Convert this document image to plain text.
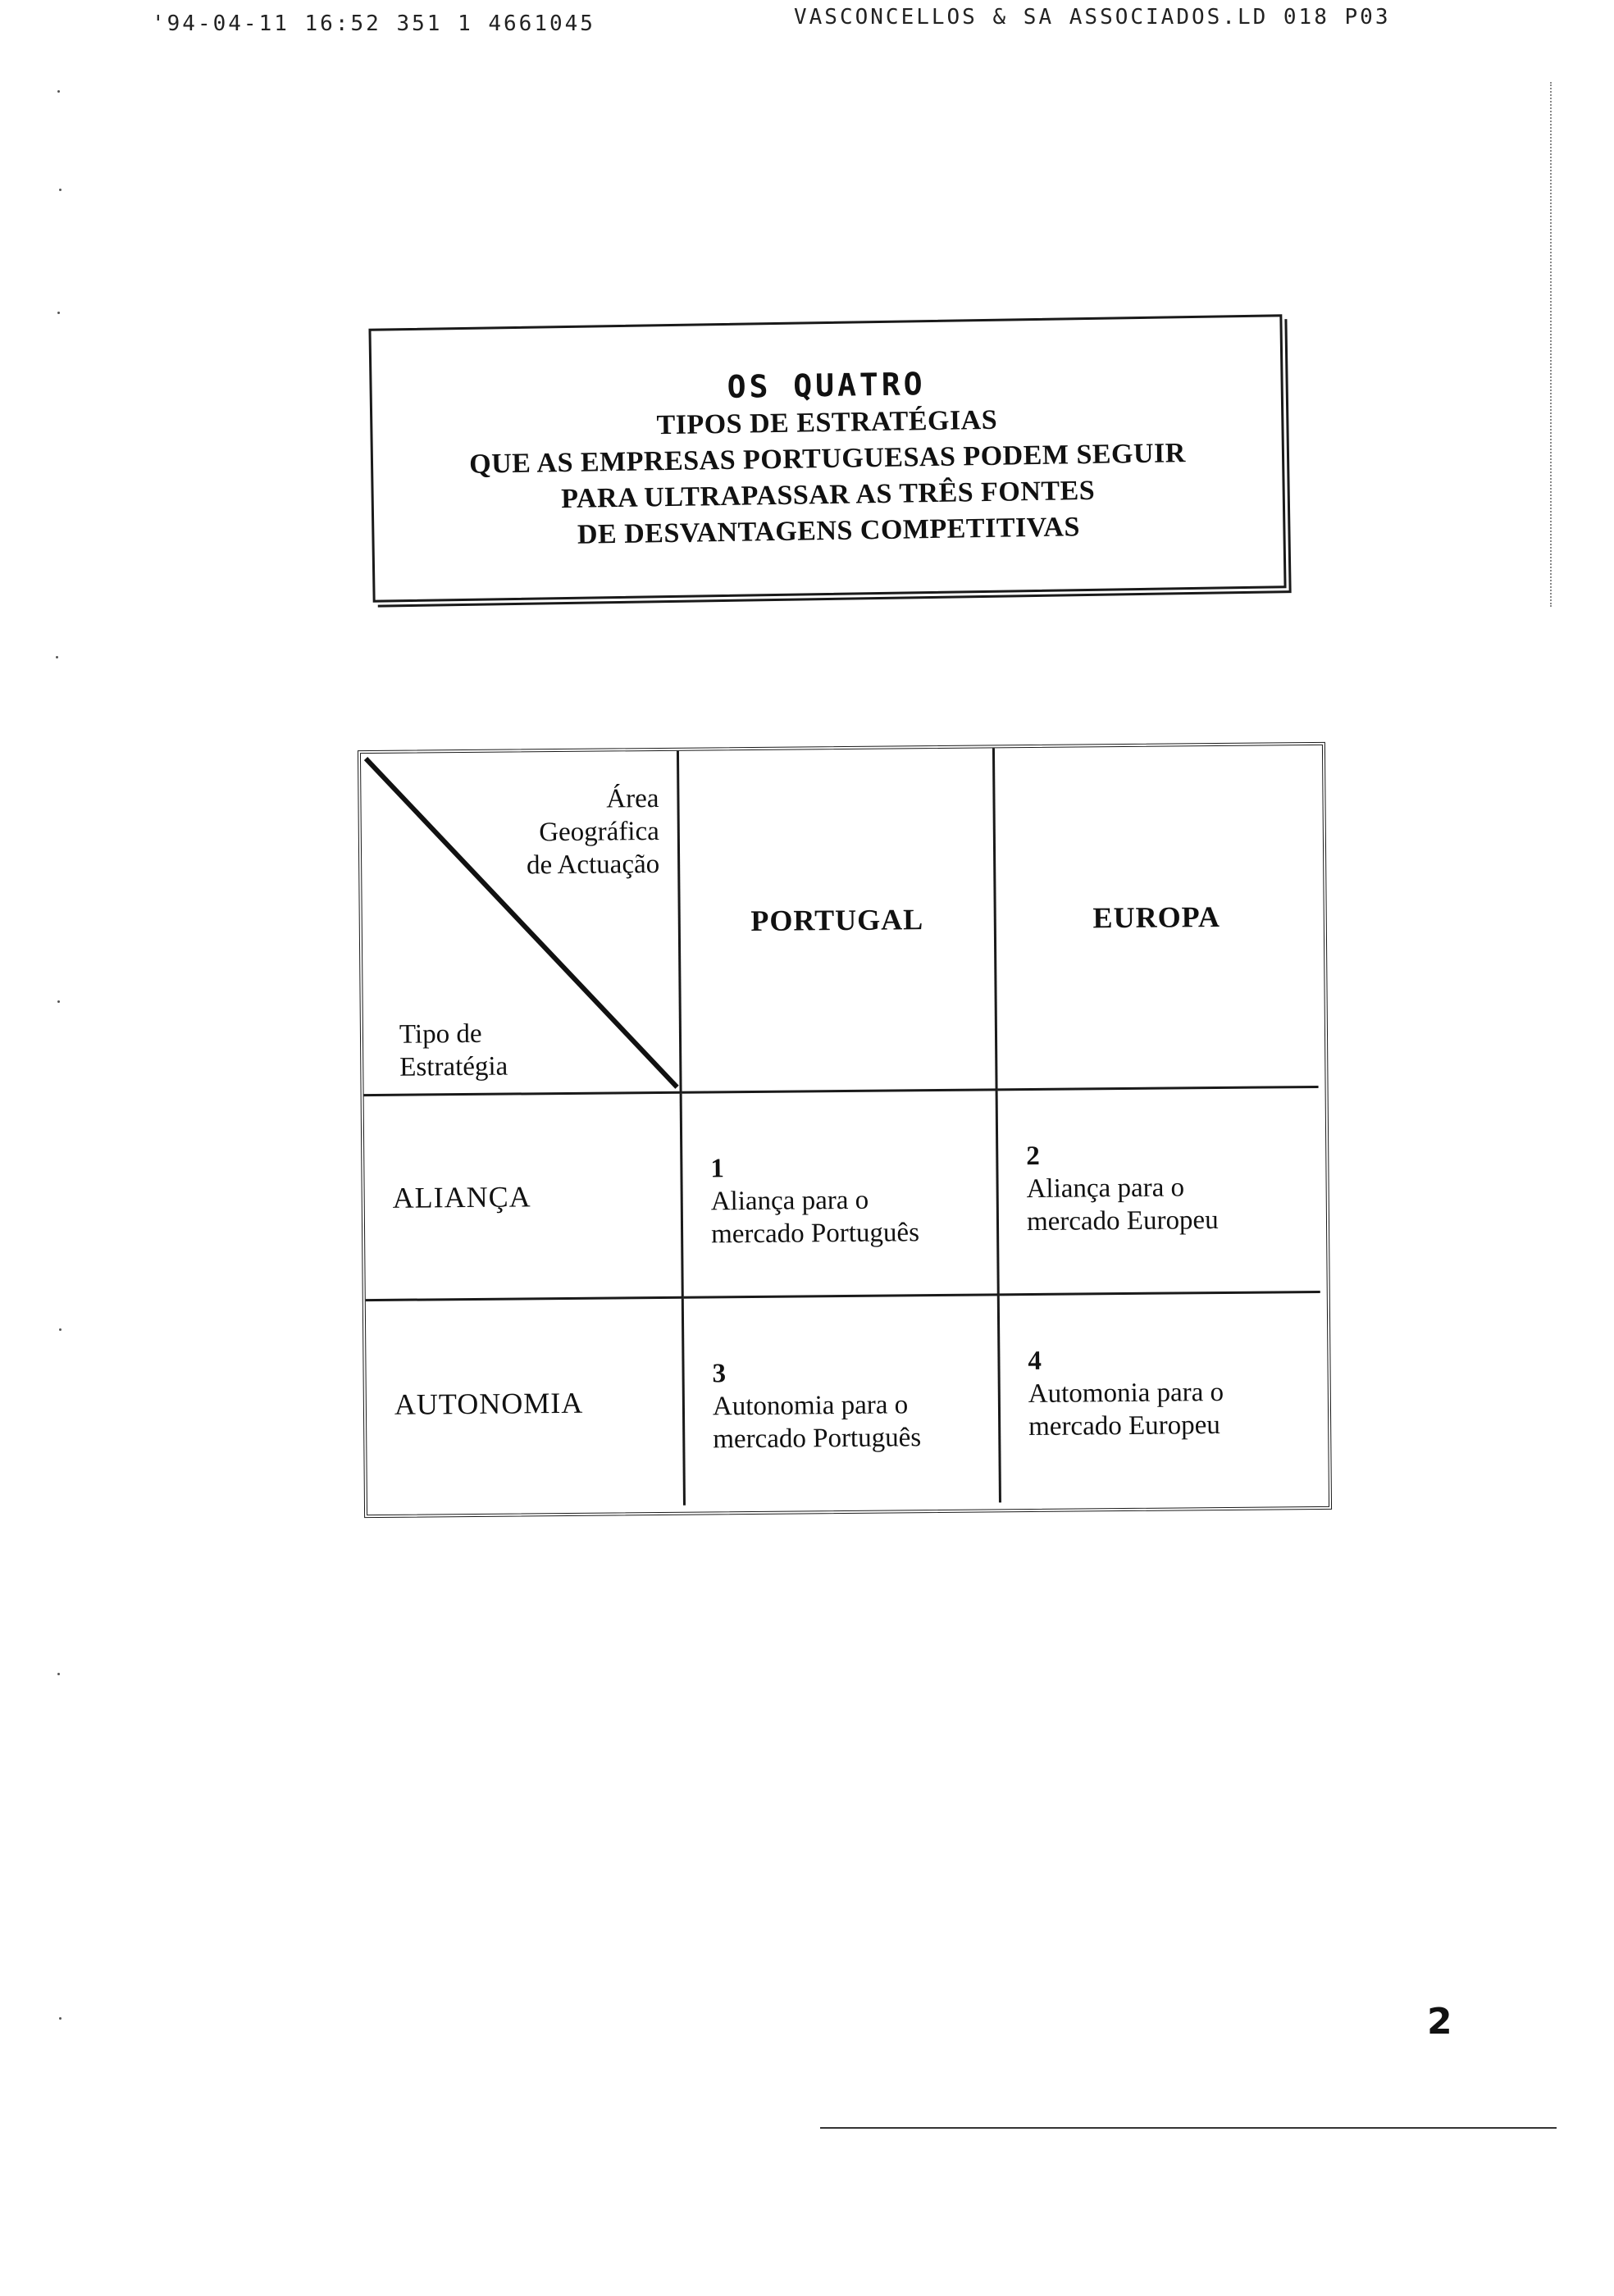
'94-04-11 16:52 351 1 4661045	VASCONCELLOS & SA ASSOCIADOS.LD 018 P03
OS QUATRO
TIPOS DE ESTRATÉGIAS
QUE AS EMPRESAS PORTUGUESAS PODEM SEGUIR
PARA ULTRAPASSAR AS TRÊS FONTES
DE DESVANTAGENS COMPETITIVAS
Área
Geográfica
de Actuação
Tipo de
Estratégia
PORTUGAL	EUROPA
ALIANÇA
1
Aliança para o
mercado Português
2
Aliança para o
mercado Europeu
AUTONOMIA
3
Autonomia para o
mercado Português
4
Automonia para o
mercado Europeu
2
